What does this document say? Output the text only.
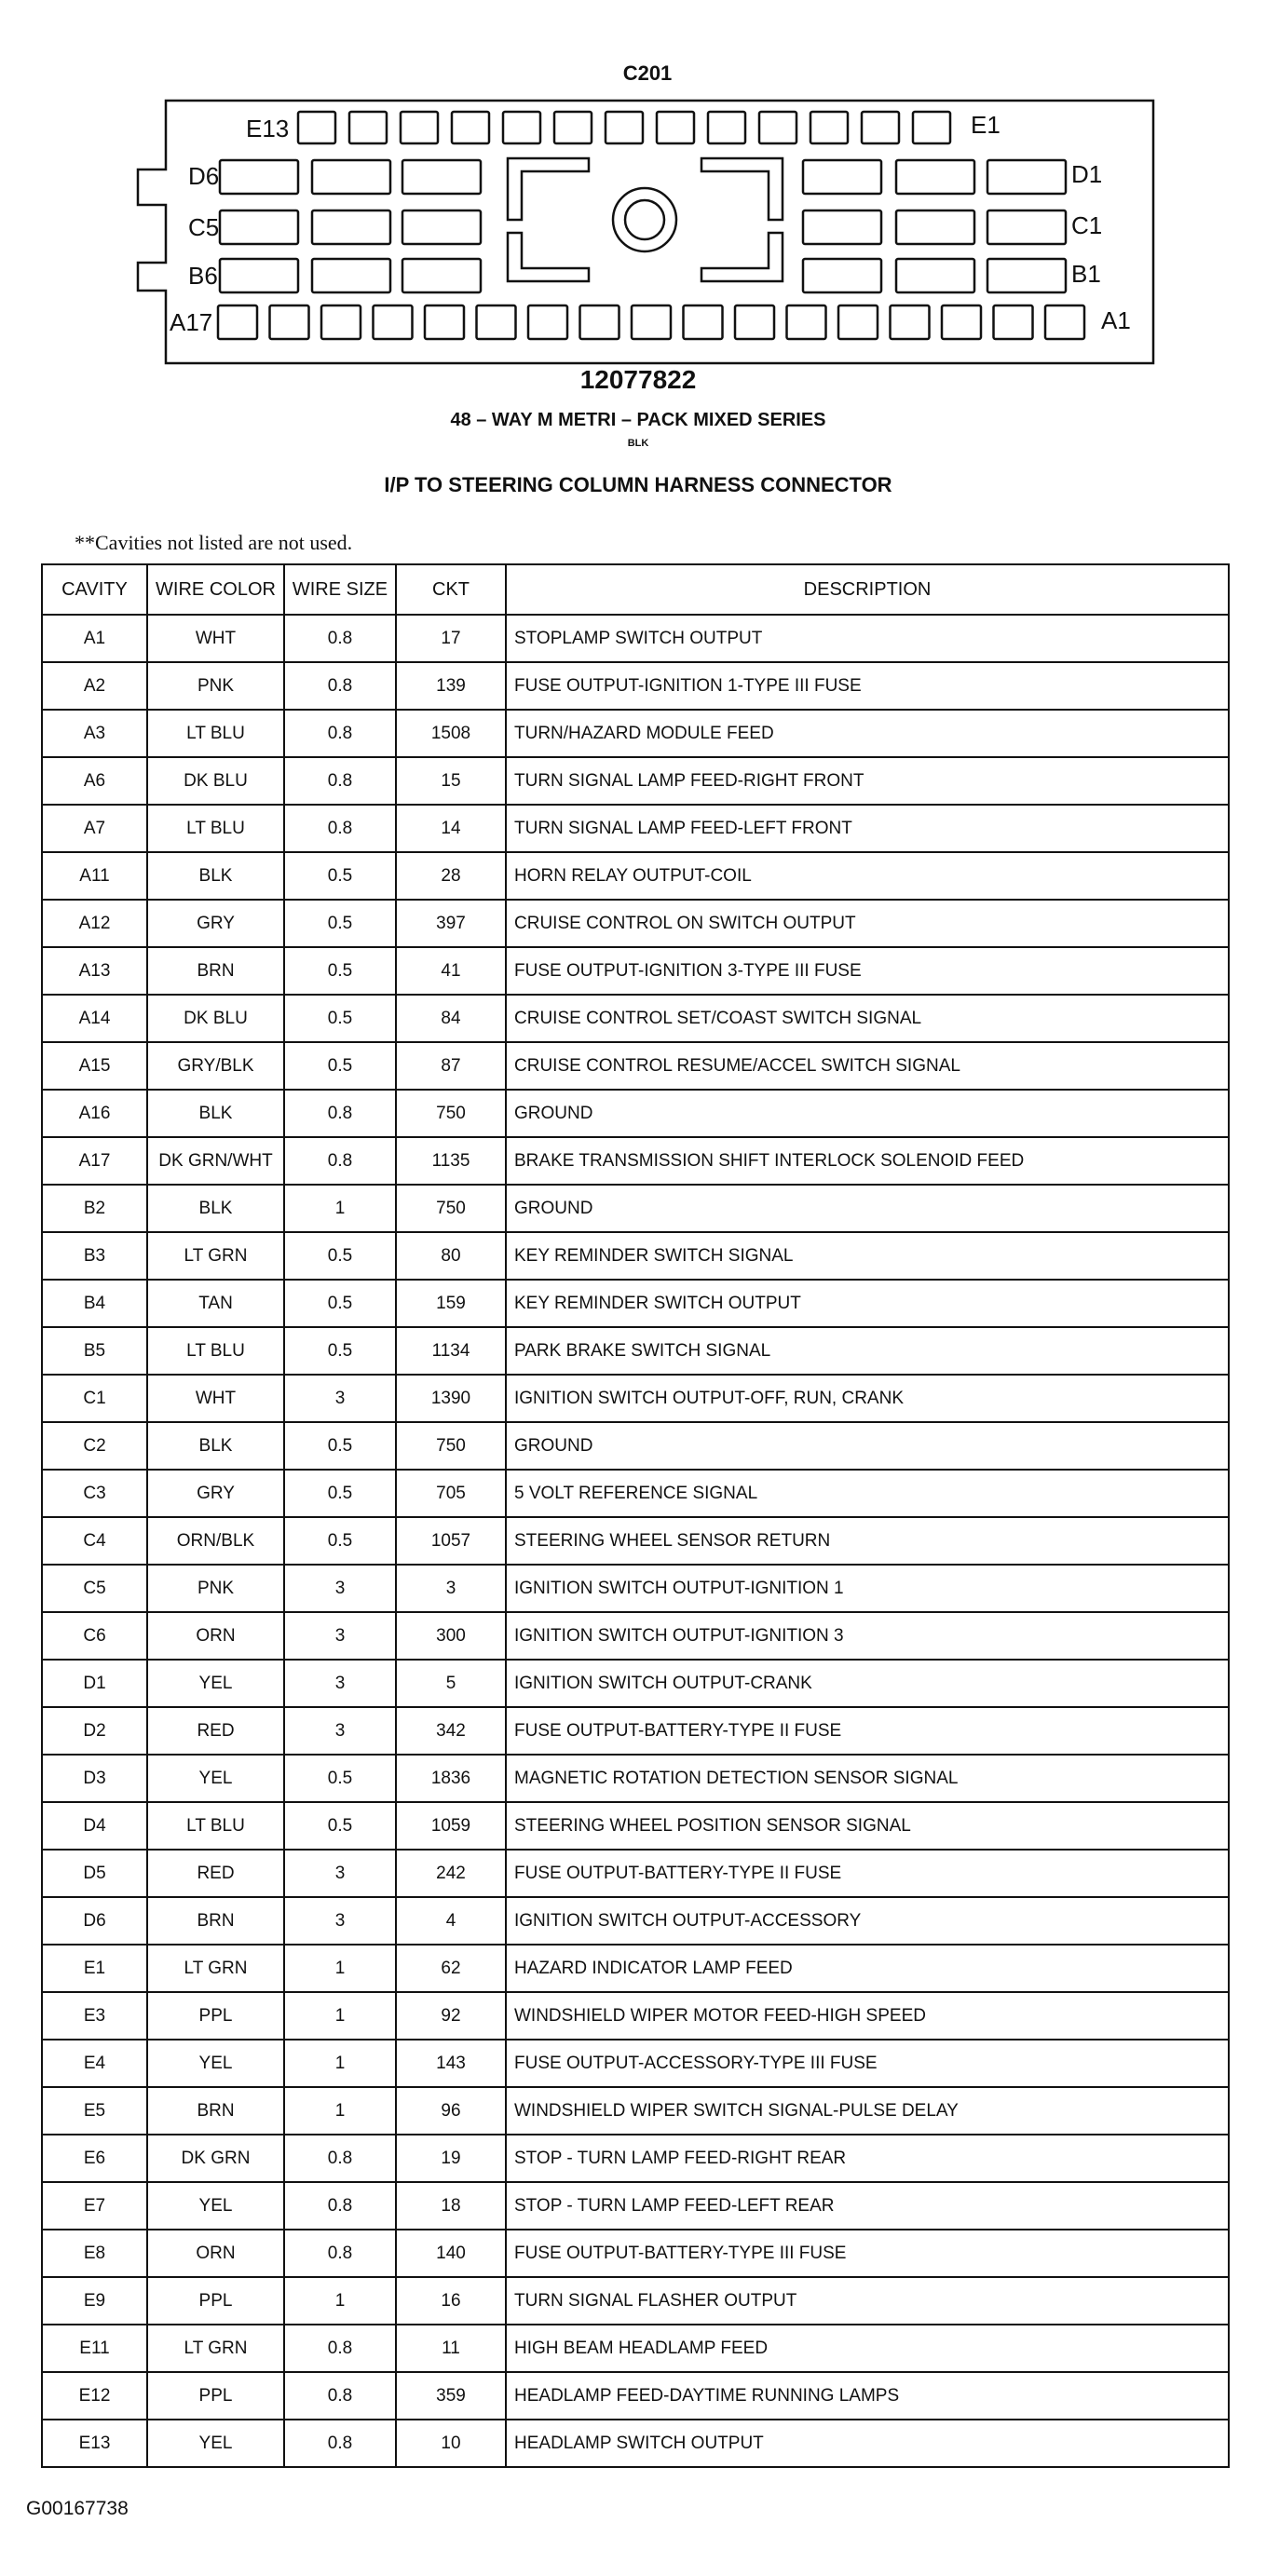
C201
E13	E1
D6	D1
C5	C1
B6	B1
A17	A1
12077822
48 – WAY M METRI – PACK MIXED SERIES
BLK
I/P TO STEERING COLUMN HARNESS CONNECTOR
**Cavities not listed are not used.
CAVITY	WIRE COLOR	WIRE SIZE	CKT	DESCRIPTION
A1	WHT	0.8	17	STOPLAMP SWITCH OUTPUT
A2	PNK	0.8	139	FUSE OUTPUT-IGNITION 1-TYPE III FUSE
A3	LT BLU	0.8	1508	TURN/HAZARD MODULE FEED
A6	DK BLU	0.8	15	TURN SIGNAL LAMP FEED-RIGHT FRONT
A7	LT BLU	0.8	14	TURN SIGNAL LAMP FEED-LEFT FRONT
A11	BLK	0.5	28	HORN RELAY OUTPUT-COIL
A12	GRY	0.5	397	CRUISE CONTROL ON SWITCH OUTPUT
A13	BRN	0.5	41	FUSE OUTPUT-IGNITION 3-TYPE III FUSE
A14	DK BLU	0.5	84	CRUISE CONTROL SET/COAST SWITCH SIGNAL
A15	GRY/BLK	0.5	87	CRUISE CONTROL RESUME/ACCEL SWITCH SIGNAL
A16	BLK	0.8	750	GROUND
A17	DK GRN/WHT	0.8	1135	BRAKE TRANSMISSION SHIFT INTERLOCK SOLENOID FEED
B2	BLK	1	750	GROUND
B3	LT GRN	0.5	80	KEY REMINDER SWITCH SIGNAL
B4	TAN	0.5	159	KEY REMINDER SWITCH OUTPUT
B5	LT BLU	0.5	1134	PARK BRAKE SWITCH SIGNAL
C1	WHT	3	1390	IGNITION SWITCH OUTPUT-OFF, RUN, CRANK
C2	BLK	0.5	750	GROUND
C3	GRY	0.5	705	5 VOLT REFERENCE SIGNAL
C4	ORN/BLK	0.5	1057	STEERING WHEEL SENSOR RETURN
C5	PNK	3	3	IGNITION SWITCH OUTPUT-IGNITION 1
C6	ORN	3	300	IGNITION SWITCH OUTPUT-IGNITION 3
D1	YEL	3	5	IGNITION SWITCH OUTPUT-CRANK
D2	RED	3	342	FUSE OUTPUT-BATTERY-TYPE II FUSE
D3	YEL	0.5	1836	MAGNETIC ROTATION DETECTION SENSOR SIGNAL
D4	LT BLU	0.5	1059	STEERING WHEEL POSITION SENSOR SIGNAL
D5	RED	3	242	FUSE OUTPUT-BATTERY-TYPE II FUSE
D6	BRN	3	4	IGNITION SWITCH OUTPUT-ACCESSORY
E1	LT GRN	1	62	HAZARD INDICATOR LAMP FEED
E3	PPL	1	92	WINDSHIELD WIPER MOTOR FEED-HIGH SPEED
E4	YEL	1	143	FUSE OUTPUT-ACCESSORY-TYPE III FUSE
E5	BRN	1	96	WINDSHIELD WIPER SWITCH SIGNAL-PULSE DELAY
E6	DK GRN	0.8	19	STOP - TURN LAMP FEED-RIGHT REAR
E7	YEL	0.8	18	STOP - TURN LAMP FEED-LEFT REAR
E8	ORN	0.8	140	FUSE OUTPUT-BATTERY-TYPE III FUSE
E9	PPL	1	16	TURN SIGNAL FLASHER OUTPUT
E11	LT GRN	0.8	11	HIGH BEAM HEADLAMP FEED
E12	PPL	0.8	359	HEADLAMP FEED-DAYTIME RUNNING LAMPS
E13	YEL	0.8	10	HEADLAMP SWITCH OUTPUT
G00167738
